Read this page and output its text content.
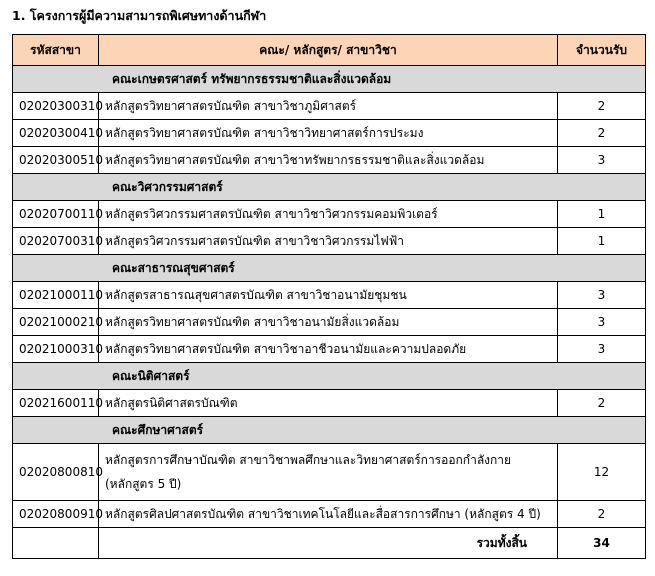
1. โครงการผู้มีความสามารถพิเศษทางด้านกีฬา
รหัสสาขา	คณะ/ หลักสูตร/ สาขาวิชา	จำนวนรับ
คณะเกษตรศาสตร์ ทรัพยากรธรรมชาติและสิ่งแวดล้อม		
02020300310	หลักสูตรวิทยาศาสตรบัณฑิต สาขาวิชาภูมิศาสตร์	2
02020300410	หลักสูตรวิทยาศาสตรบัณฑิต สาขาวิชาวิทยาศาสตร์การประมง	2
02020300510	หลักสูตรวิทยาศาสตรบัณฑิต สาขาวิชาทรัพยากรธรรมชาติและสิ่งแวดล้อม	3
คณะวิศวกรรมศาสตร์		
02020700110	หลักสูตรวิศวกรรมศาสตรบัณฑิต สาขาวิชาวิศวกรรมคอมพิวเตอร์	1
02020700310	หลักสูตรวิศวกรรมศาสตรบัณฑิต สาขาวิชาวิศวกรรมไฟฟ้า	1
คณะสาธารณสุขศาสตร์		
02021000110	หลักสูตรสาธารณสุขศาสตรบัณฑิต สาขาวิชาอนามัยชุมชน	3
02021000210	หลักสูตรวิทยาศาสตรบัณฑิต สาขาวิชาอนามัยสิ่งแวดล้อม	3
02021000310	หลักสูตรวิทยาศาสตรบัณฑิต สาขาวิชาอาชีวอนามัยและความปลอดภัย	3
คณะนิติศาสตร์		
02021600110	หลักสูตรนิติศาสตรบัณฑิต	2
คณะศึกษาศาสตร์		
02020800810	หลักสูตรการศึกษาบัณฑิต สาขาวิชาพลศึกษาและวิทยาศาสตร์การออกกำลังกาย
(หลักสูตร 5 ปี)	12
02020800910	หลักสูตรศิลปศาสตรบัณฑิต สาขาวิชาเทคโนโลยีและสื่อสารการศึกษา (หลักสูตร 4 ปี)	2
	รวมทั้งสิ้น	34
